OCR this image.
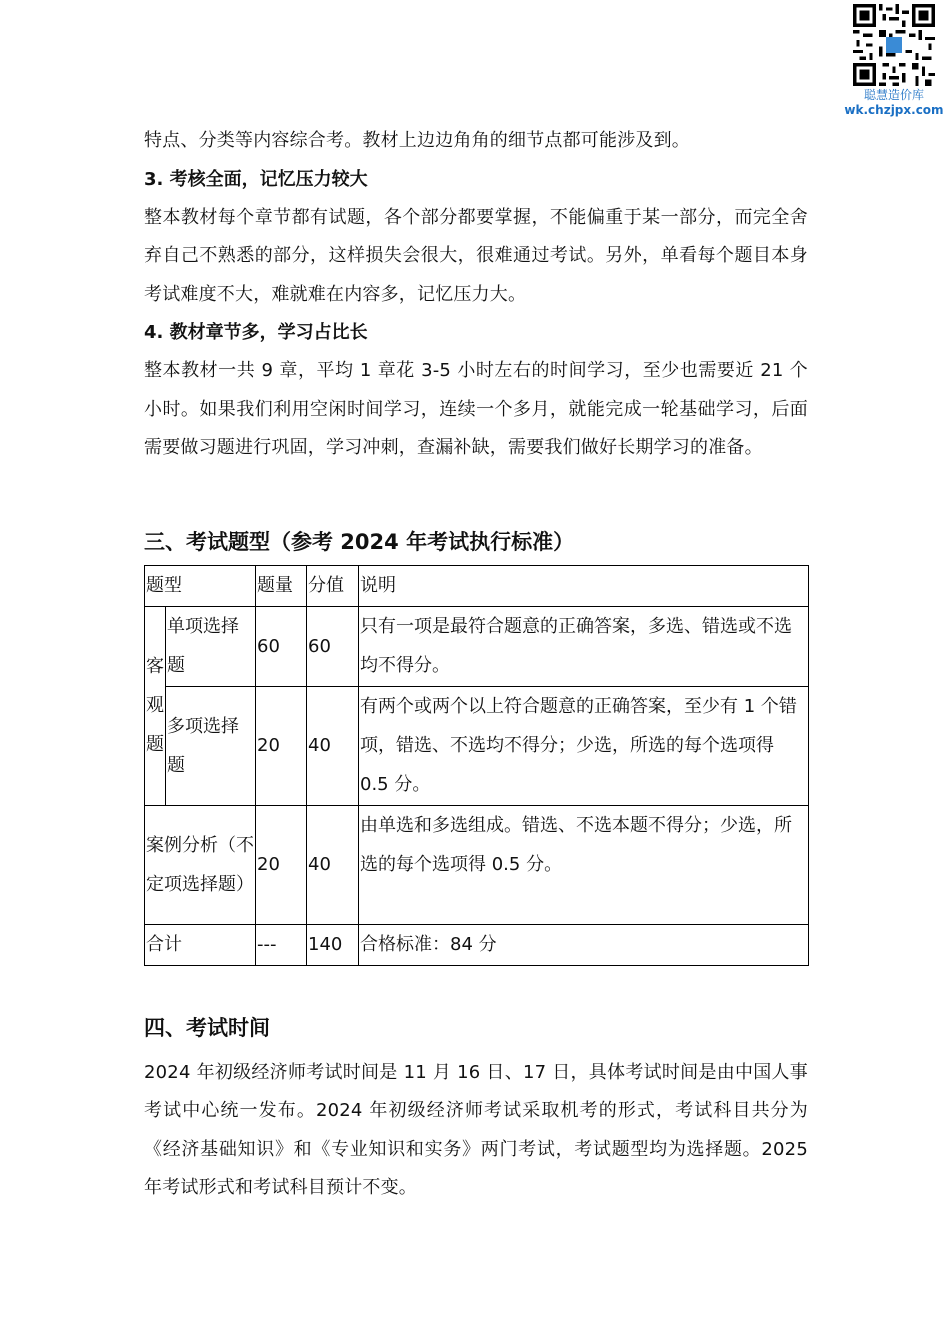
聪慧造价库
wk.chzjpx.com

特点、分类等内容综合考。教材上边边角角的细节点都可能涉及到。

3. 考核全面，记忆压力较大

整本教材每个章节都有试题，各个部分都要掌握，不能偏重于某一部分，而完全舍弃自己不熟悉的部分，这样损失会很大，很难通过考试。另外，单看每个题目本身考试难度不大，难就难在内容多，记忆压力大。

4. 教材章节多，学习占比长

整本教材一共 9 章，平均 1 章花 3-5 小时左右的时间学习，至少也需要近 21 个小时。如果我们利用空闲时间学习，连续一个多月，就能完成一轮基础学习，后面需要做习题进行巩固，学习冲刺，查漏补缺，需要我们做好长期学习的准备。

三、考试题型（参考 2024 年考试执行标准）
题型		题量	分值	说明
客观题	单项选择题	60	60	只有一项是最符合题意的正确答案，多选、错选或不选均不得分。
	多项选择题	20	40	有两个或两个以上符合题意的正确答案，至少有 1 个错项，错选、不选均不得分；少选，所选的每个选项得 0.5 分。
案例分析（不定项选择题）		20	40	由单选和多选组成。错选、不选本题不得分；少选，所选的每个选项得 0.5 分。
合计		---	140	合格标准：84 分
四、考试时间

2024 年初级经济师考试时间是 11 月 16 日、17 日，具体考试时间是由中国人事考试中心统一发布。2024 年初级经济师考试采取机考的形式，考试科目共分为《经济基础知识》和《专业知识和实务》两门考试，考试题型均为选择题。2025 年考试形式和考试科目预计不变。
